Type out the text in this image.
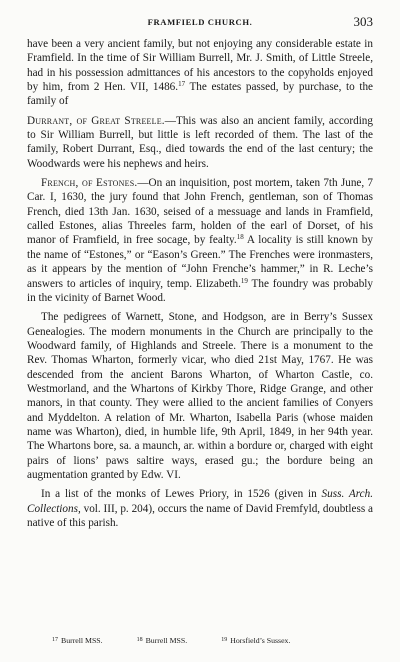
FRAMFIELD CHURCH.	303

have been a very ancient family, but not enjoying any considerable estate in Framfield. In the time of Sir William Burrell, Mr. J. Smith, of Little Streele, had in his possession admittances of his ancestors to the copyholds enjoyed by him, from 2 Hen. VII, 1486.17 The estates passed, by purchase, to the family of

Durrant, of Great Streele.—This was also an ancient family, according to Sir William Burrell, but little is left recorded of them. The last of the family, Robert Durrant, Esq., died towards the end of the last century; the Woodwards were his nephews and heirs.

French, of Estones.—On an inquisition, post mortem, taken 7th June, 7 Car. I, 1630, the jury found that John French, gentleman, son of Thomas French, died 13th Jan. 1630, seised of a messuage and lands in Framfield, called Estones, alias Threeles farm, holden of the earl of Dorset, of his manor of Framfield, in free socage, by fealty.$^{18}$ A locality is still known by the name of “Estones,” or “Eason’s Green.” The Frenches were ironmasters, as it appears by the mention of “John Frenche’s hammer,” in R. Leche’s answers to articles of inquiry, temp. Elizabeth.$^{19}$ The foundry was probably in the vicinity of Barnet Wood.

The pedigrees of Warnett, Stone, and Hodgson, are in Berry’s Sussex Genealogies. The modern monuments in the Church are principally to the Woodward family, of Highlands and Streele. There is a monument to the Rev. Thomas Wharton, formerly vicar, who died 21st May, 1767. He was descended from the ancient Barons Wharton, of Wharton Castle, co. Westmorland, and the Whartons of Kirkby Thore, Ridge Grange, and other manors, in that county. They were allied to the ancient families of Conyers and Myddelton. A relation of Mr. Wharton, Isabella Paris (whose maiden name was Wharton), died, in humble life, 9th April, 1849, in her 94th year. The Whartons bore, sa. a maunch, ar. within a bordure or, charged with eight pairs of lions’ paws saltire ways, erased gu.; the bordure being an augmentation granted by Edw. VI.

In a list of the monks of Lewes Priory, in 1526 (given in Suss. Arch. Collections, vol. III, p. 204), occurs the name of David Fremfyld, doubtless a native of this parish.

$^{17}$ Burrell MSS.	$^{18}$ Burrell MSS.	$^{19}$ Horsfield’s Sussex.
